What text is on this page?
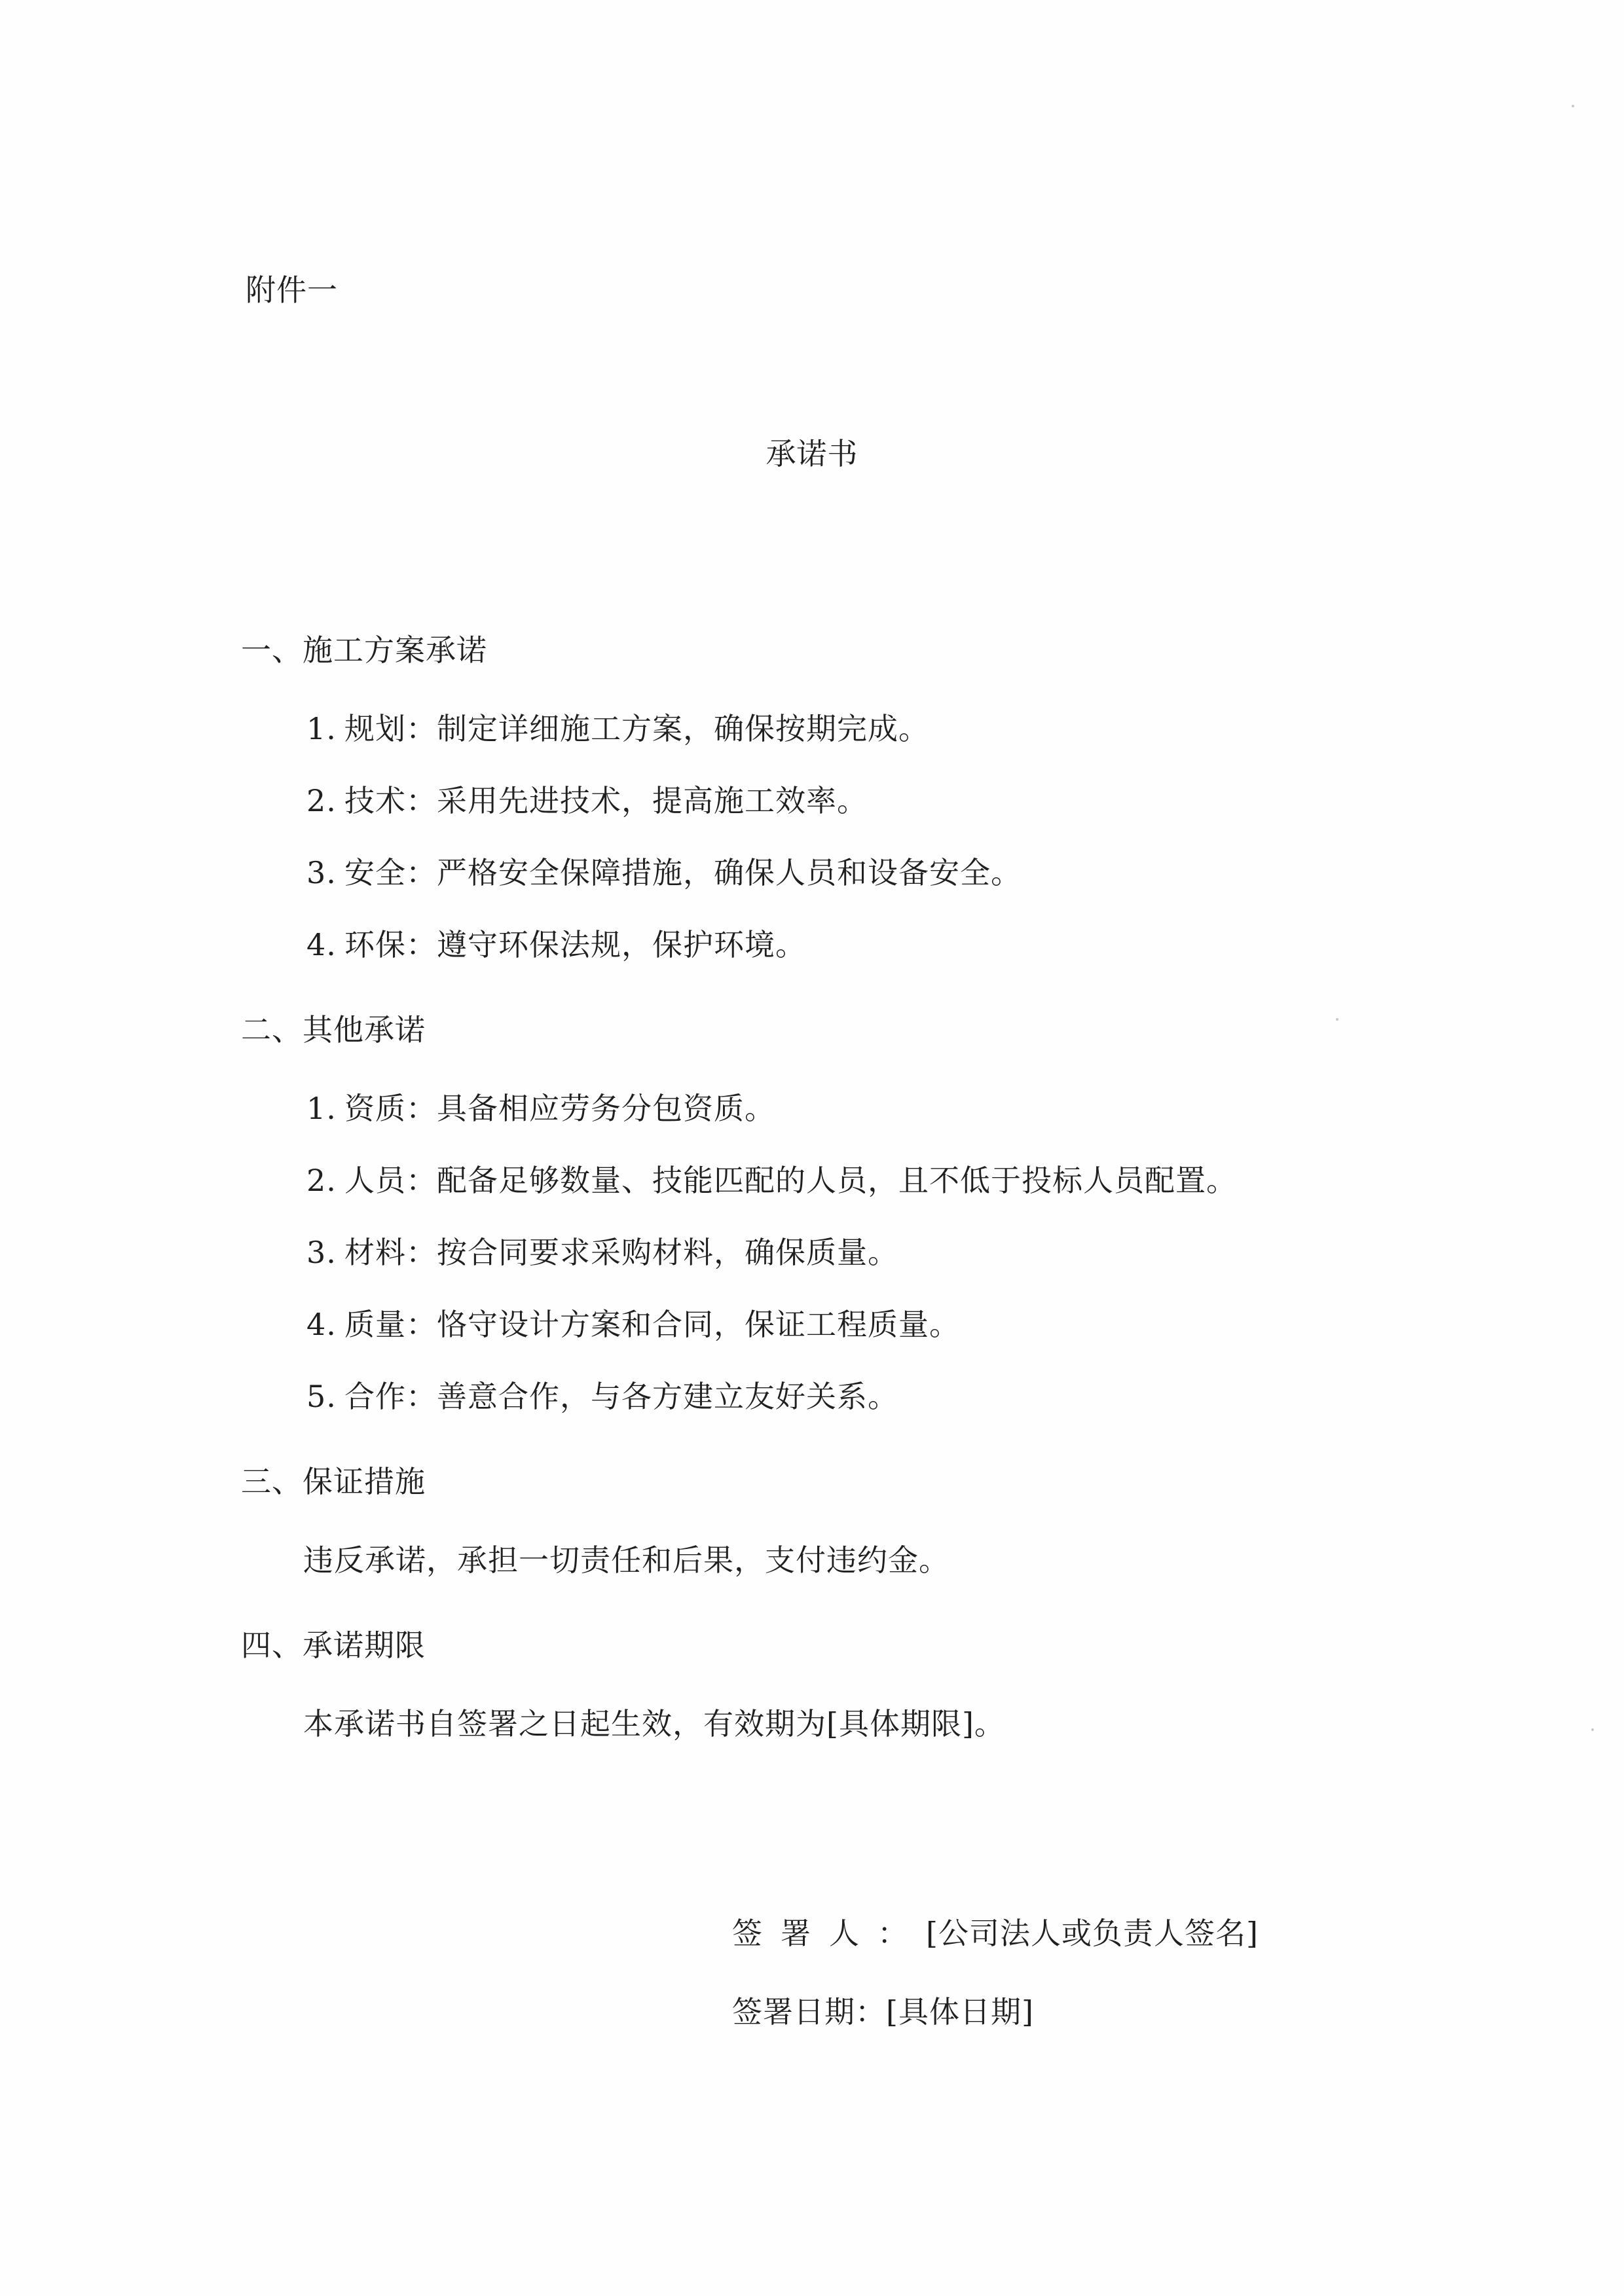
附件一
承诺书
一、施工方案承诺
1. 规划：制定详细施工方案，确保按期完成。
2. 技术：采用先进技术，提高施工效率。
3. 安全：严格安全保障措施，确保人员和设备安全。
4. 环保：遵守环保法规，保护环境。
二、其他承诺
1. 资质：具备相应劳务分包资质。
2. 人员：配备足够数量、技能匹配的人员，且不低于投标人员配置。
3. 材料：按合同要求采购材料，确保质量。
4. 质量：恪守设计方案和合同，保证工程质量。
5. 合作：善意合作，与各方建立友好关系。
三、保证措施
违反承诺，承担一切责任和后果，支付违约金。
四、承诺期限
本承诺书自签署之日起生效，有效期为[具体期限]。
签署人：[公司法人或负责人签名]
签署日期：[具体日期]
